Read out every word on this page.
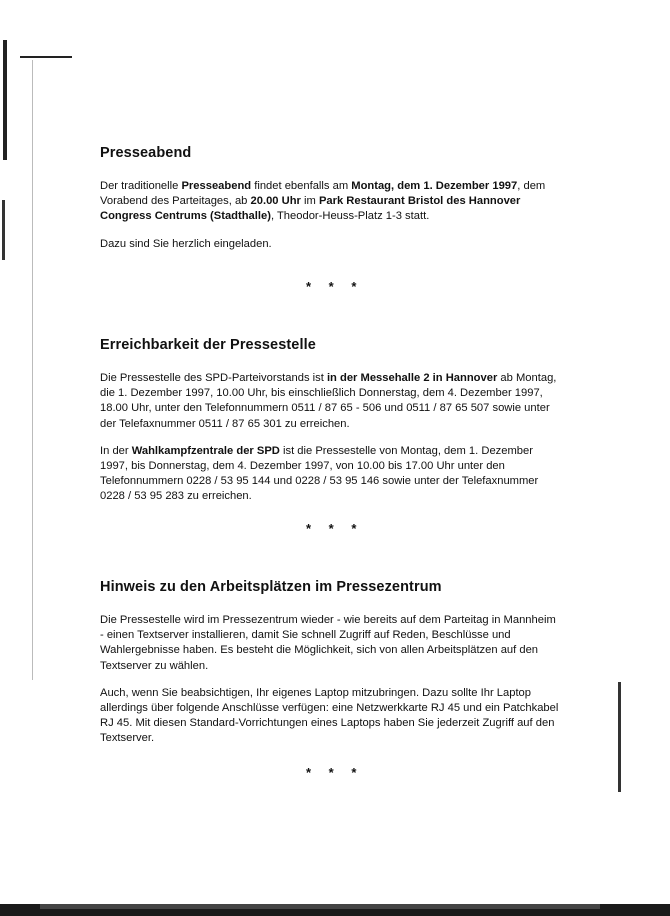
Presseabend

Der traditionelle Presseabend findet ebenfalls am Montag, dem 1. Dezember 1997, dem Vorabend des Parteitages, ab 20.00 Uhr im Park Restaurant Bristol des Hannover Congress Centrums (Stadthalle), Theodor-Heuss-Platz 1-3 statt.

Dazu sind Sie herzlich eingeladen.

* * *
Erreichbarkeit der Pressestelle

Die Pressestelle des SPD-Parteivorstands ist in der Messehalle 2 in Hannover ab Montag, die 1. Dezember 1997, 10.00 Uhr, bis einschließlich Donnerstag, dem 4. Dezember 1997, 18.00 Uhr, unter den Telefonnummern 0511 / 87 65 - 506 und 0511 / 87 65 507 sowie unter der Telefaxnummer 0511 / 87 65 301 zu erreichen.

In der Wahlkampfzentrale der SPD ist die Pressestelle von Montag, dem 1. Dezember 1997, bis Donnerstag, dem 4. Dezember 1997, von 10.00 bis 17.00 Uhr unter den Telefonnummern 0228 / 53 95 144 und 0228 / 53 95 146 sowie unter der Telefaxnummer 0228 / 53 95 283 zu erreichen.

* * *
Hinweis zu den Arbeitsplätzen im Pressezentrum

Die Pressestelle wird im Pressezentrum wieder - wie bereits auf dem Parteitag in Mannheim - einen Textserver installieren, damit Sie schnell Zugriff auf Reden, Beschlüsse und Wahlergebnisse haben. Es besteht die Möglichkeit, sich von allen Arbeitsplätzen auf den Textserver zu wählen.

Auch, wenn Sie beabsichtigen, Ihr eigenes Laptop mitzubringen. Dazu sollte Ihr Laptop allerdings über folgende Anschlüsse verfügen: eine Netzwerkkarte RJ 45 und ein Patchkabel RJ 45. Mit diesen Standard-Vorrichtungen eines Laptops haben Sie jederzeit Zugriff auf den Textserver.

* * *
